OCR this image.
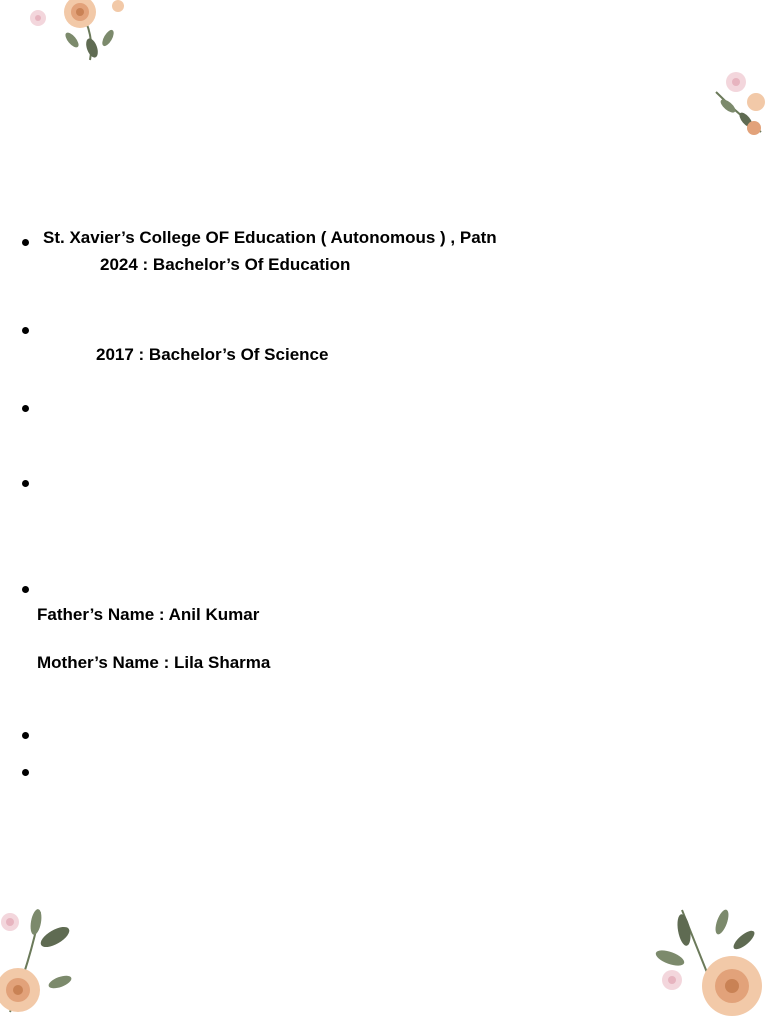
St. Xavier’s College OF Education ( Autonomous ) , Patn
2024 : Bachelor’s Of Education
2017 : Bachelor’s Of Science
Father’s Name : Anil Kumar
Mother’s Name : Lila Sharma
